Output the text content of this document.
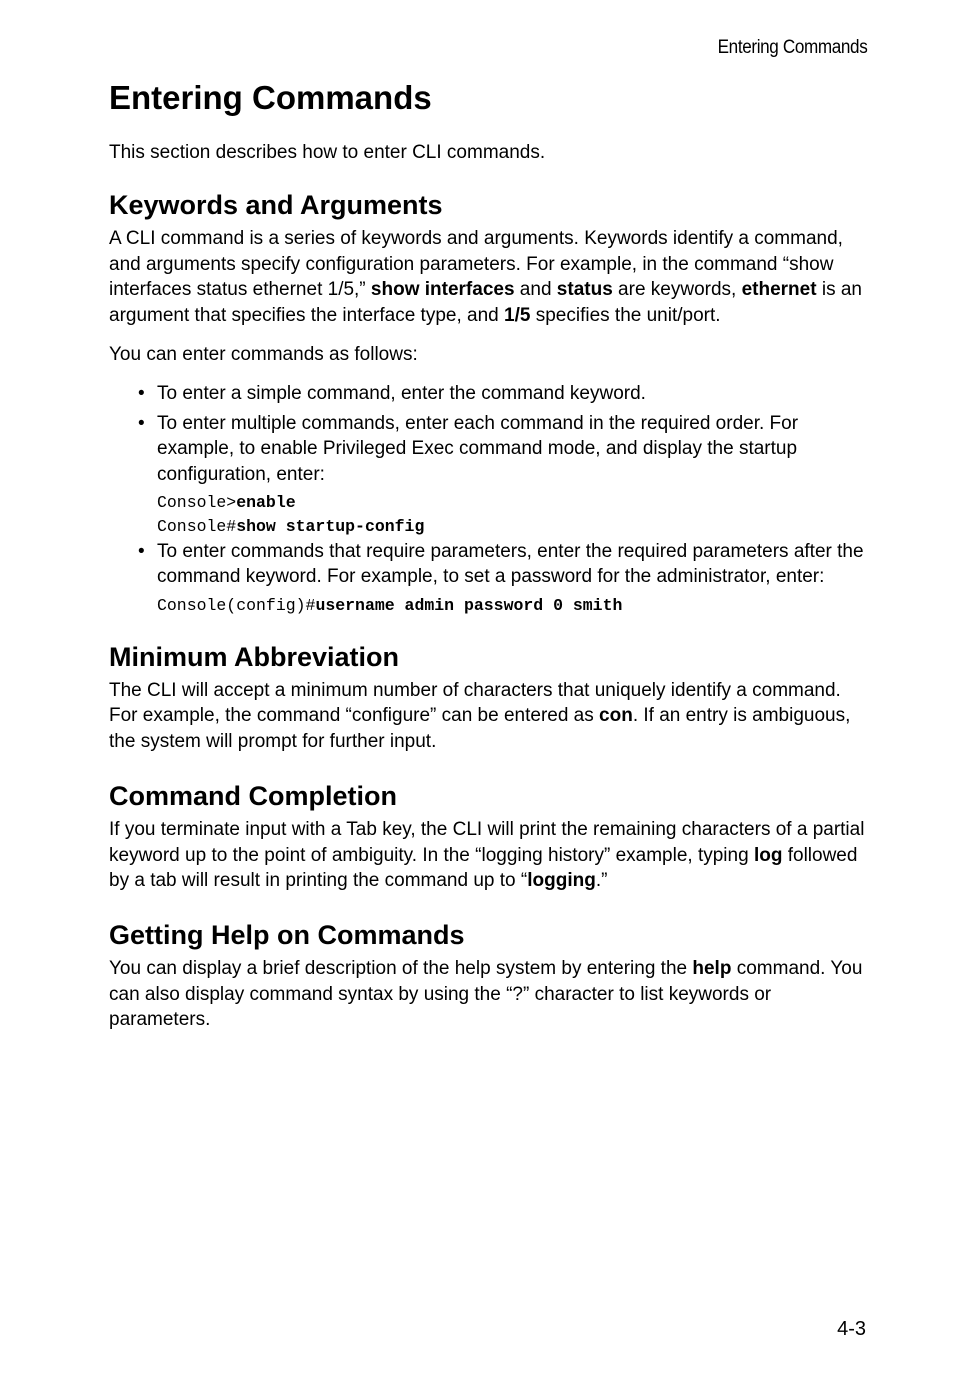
Entering Commands
Entering Commands

This section describes how to enter CLI commands.

Keywords and Arguments

A CLI command is a series of keywords and arguments. Keywords identify a command, and arguments specify configuration parameters. For example, in the command “show interfaces status ethernet 1/5,” show interfaces and status are keywords, ethernet is an argument that specifies the interface type, and 1/5 specifies the unit/port.

You can enter commands as follows:

• To enter a simple command, enter the command keyword.
• To enter multiple commands, enter each command in the required order. For example, to enable Privileged Exec command mode, and display the startup configuration, enter:
Console>enable
Console#show startup-config
• To enter commands that require parameters, enter the required parameters after the command keyword. For example, to set a password for the administrator, enter:
Console(config)#username admin password 0 smith
Minimum Abbreviation

The CLI will accept a minimum number of characters that uniquely identify a command. For example, the command “configure” can be entered as con. If an entry is ambiguous, the system will prompt for further input.

Command Completion

If you terminate input with a Tab key, the CLI will print the remaining characters of a partial keyword up to the point of ambiguity. In the “logging history” example, typing log followed by a tab will result in printing the command up to “logging.”

Getting Help on Commands

You can display a brief description of the help system by entering the help command. You can also display command syntax by using the “?” character to list keywords or parameters.

4-3
